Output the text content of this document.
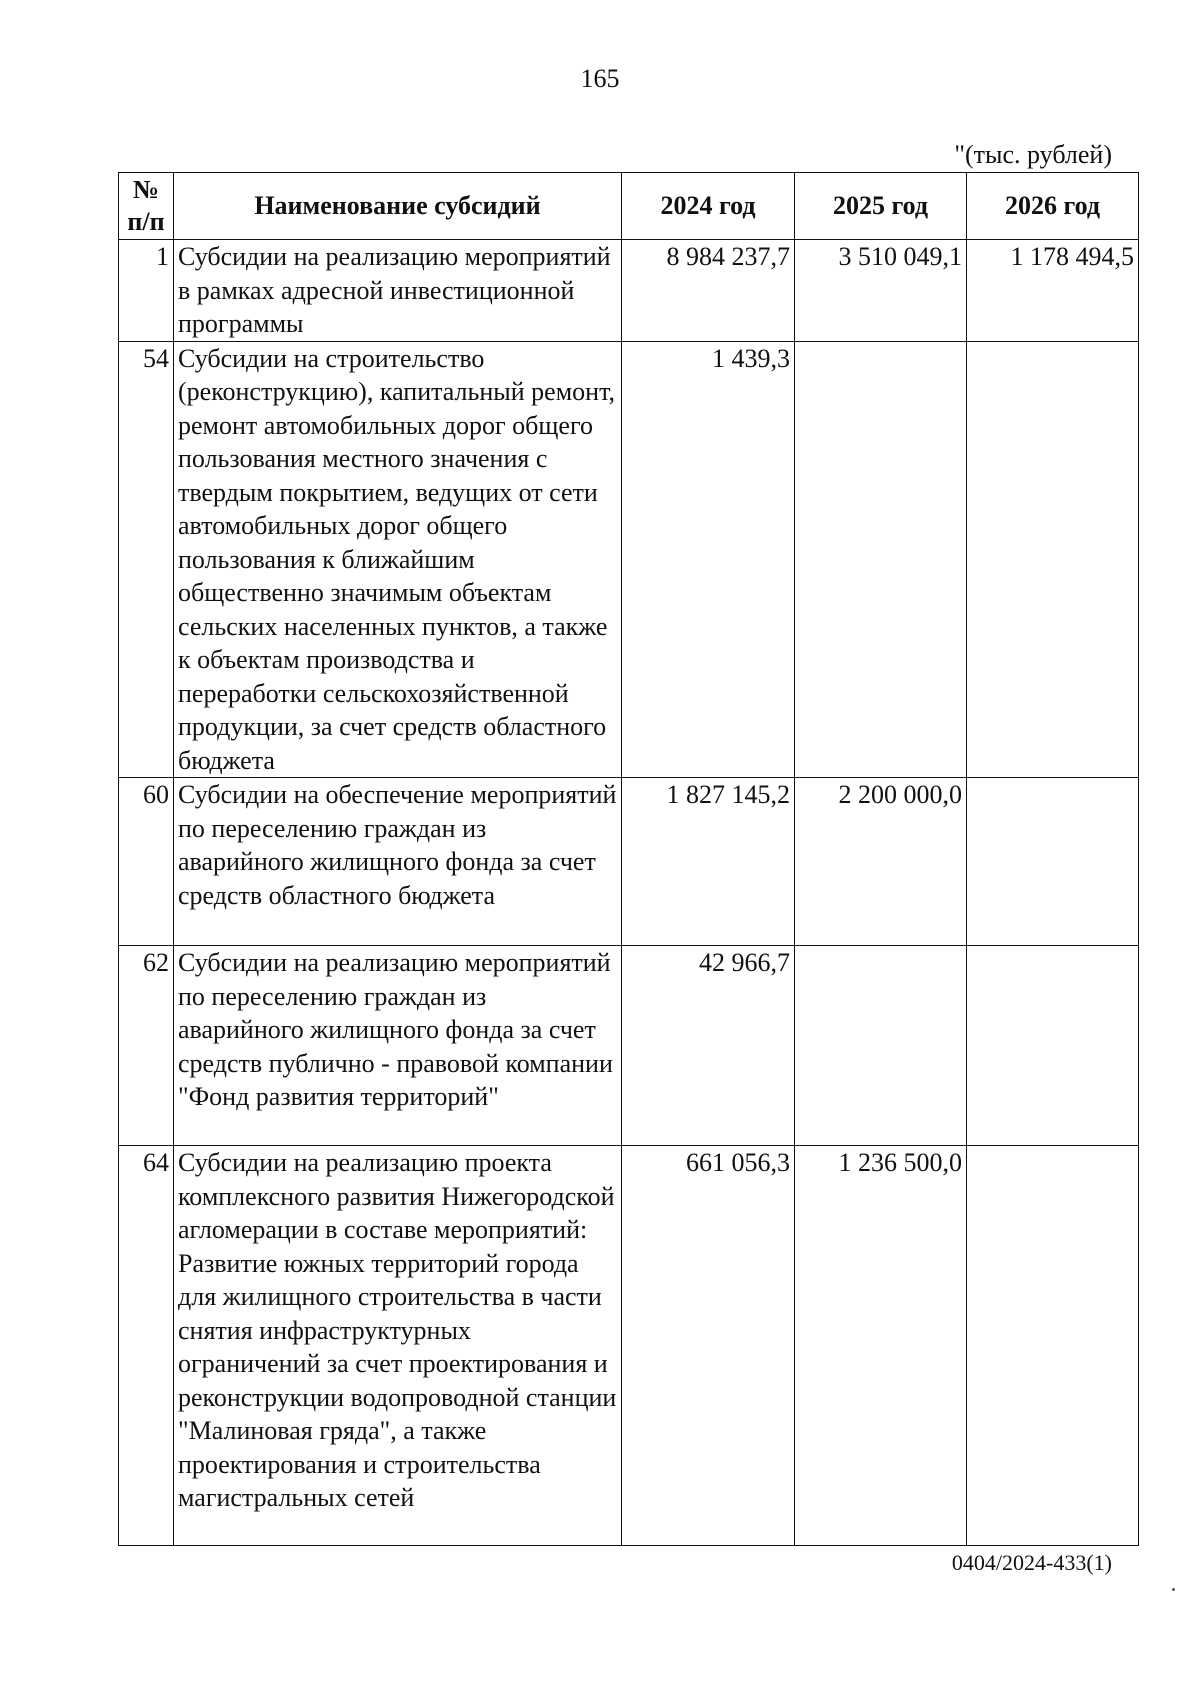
165
"(тыс. рублей)
№ п/п	Наименование субсидий	2024 год	2025 год	2026 год
1	Субсидии на реализацию мероприятий в рамках адресной инвестиционной программы	8 984 237,7	3 510 049,1	1 178 494,5
54	Субсидии на строительство (реконструкцию), капитальный ремонт, ремонт автомобильных дорог общего пользования местного значения с твердым покрытием, ведущих от сети автомобильных дорог общего пользования к ближайшим общественно значимым объектам сельских населенных пунктов, а также к объектам производства и переработки сельскохозяйственной продукции, за счет средств областного бюджета	1 439,3		
60	Субсидии на обеспечение мероприятий по переселению граждан из аварийного жилищного фонда за счет средств областного бюджета	1 827 145,2	2 200 000,0	
62	Субсидии на реализацию мероприятий по переселению граждан из аварийного жилищного фонда за счет средств публично - правовой компании "Фонд развития территорий"	42 966,7		
64	Субсидии на реализацию проекта комплексного развития Нижегородской агломерации в составе мероприятий: Развитие южных территорий города для жилищного строительства в части снятия инфраструктурных ограничений за счет проектирования и реконструкции водопроводной станции "Малиновая гряда", а также проектирования и строительства магистральных сетей	661 056,3	1 236 500,0	
0404/2024-433(1)
